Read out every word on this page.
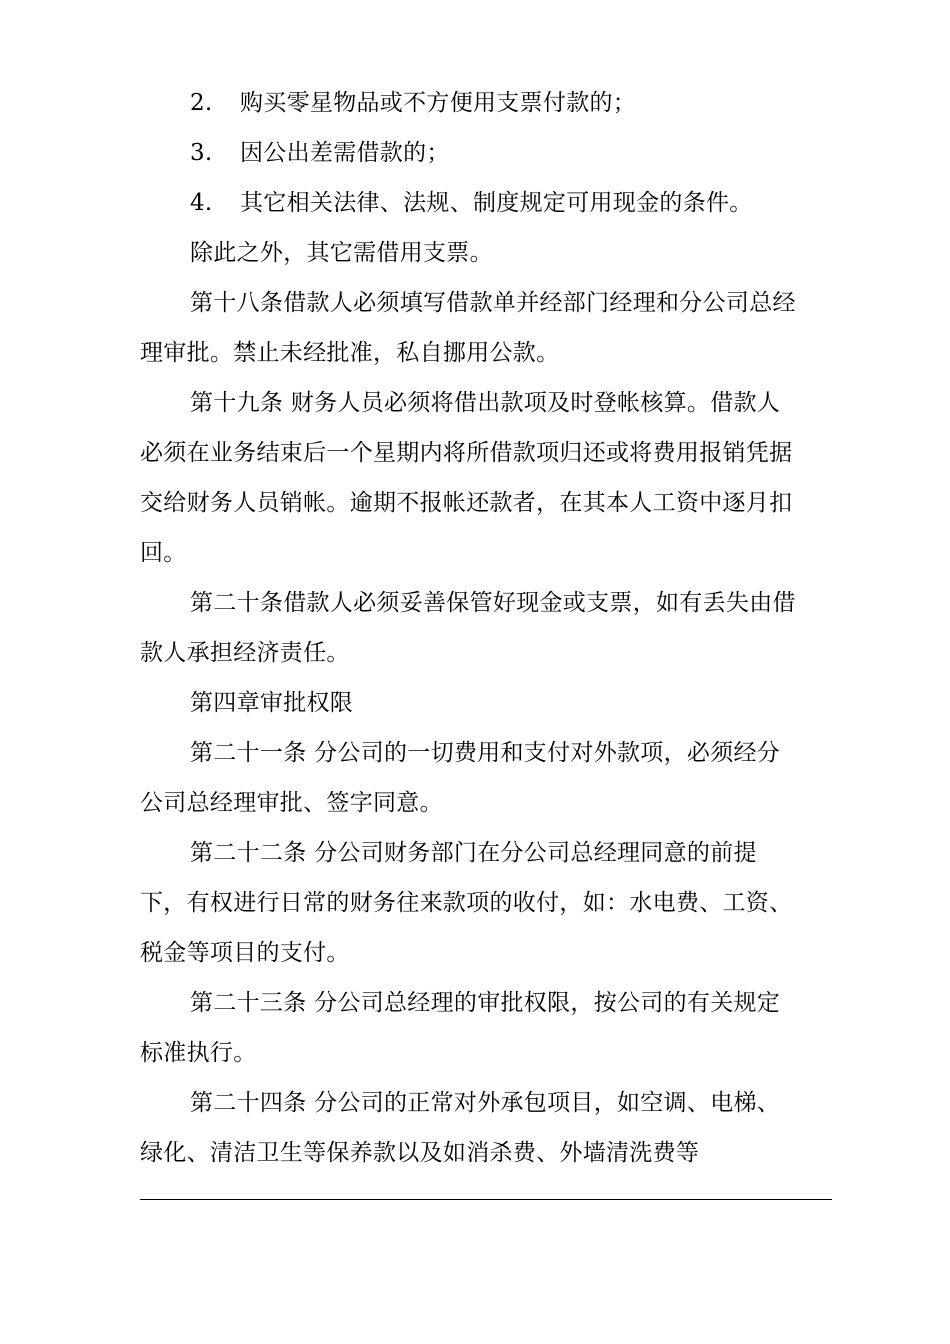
2. 购买零星物品或不方便用支票付款的；
3. 因公出差需借款的；
4. 其它相关法律、法规、制度规定可用现金的条件。
除此之外，其它需借用支票。
第十八条借款人必须填写借款单并经部门经理和分公司总经
理审批。禁止未经批准，私自挪用公款。
第十九条 财务人员必须将借出款项及时登帐核算。借款人
必须在业务结束后一个星期内将所借款项归还或将费用报销凭据
交给财务人员销帐。逾期不报帐还款者，在其本人工资中逐月扣
回。
第二十条借款人必须妥善保管好现金或支票，如有丢失由借
款人承担经济责任。
第四章审批权限
第二十一条 分公司的一切费用和支付对外款项，必须经分
公司总经理审批、签字同意。
第二十二条 分公司财务部门在分公司总经理同意的前提
下，有权进行日常的财务往来款项的收付，如：水电费、工资、
税金等项目的支付。
第二十三条 分公司总经理的审批权限，按公司的有关规定
标准执行。
第二十四条 分公司的正常对外承包项目，如空调、电梯、
绿化、清洁卫生等保养款以及如消杀费、外墙清洗费等
